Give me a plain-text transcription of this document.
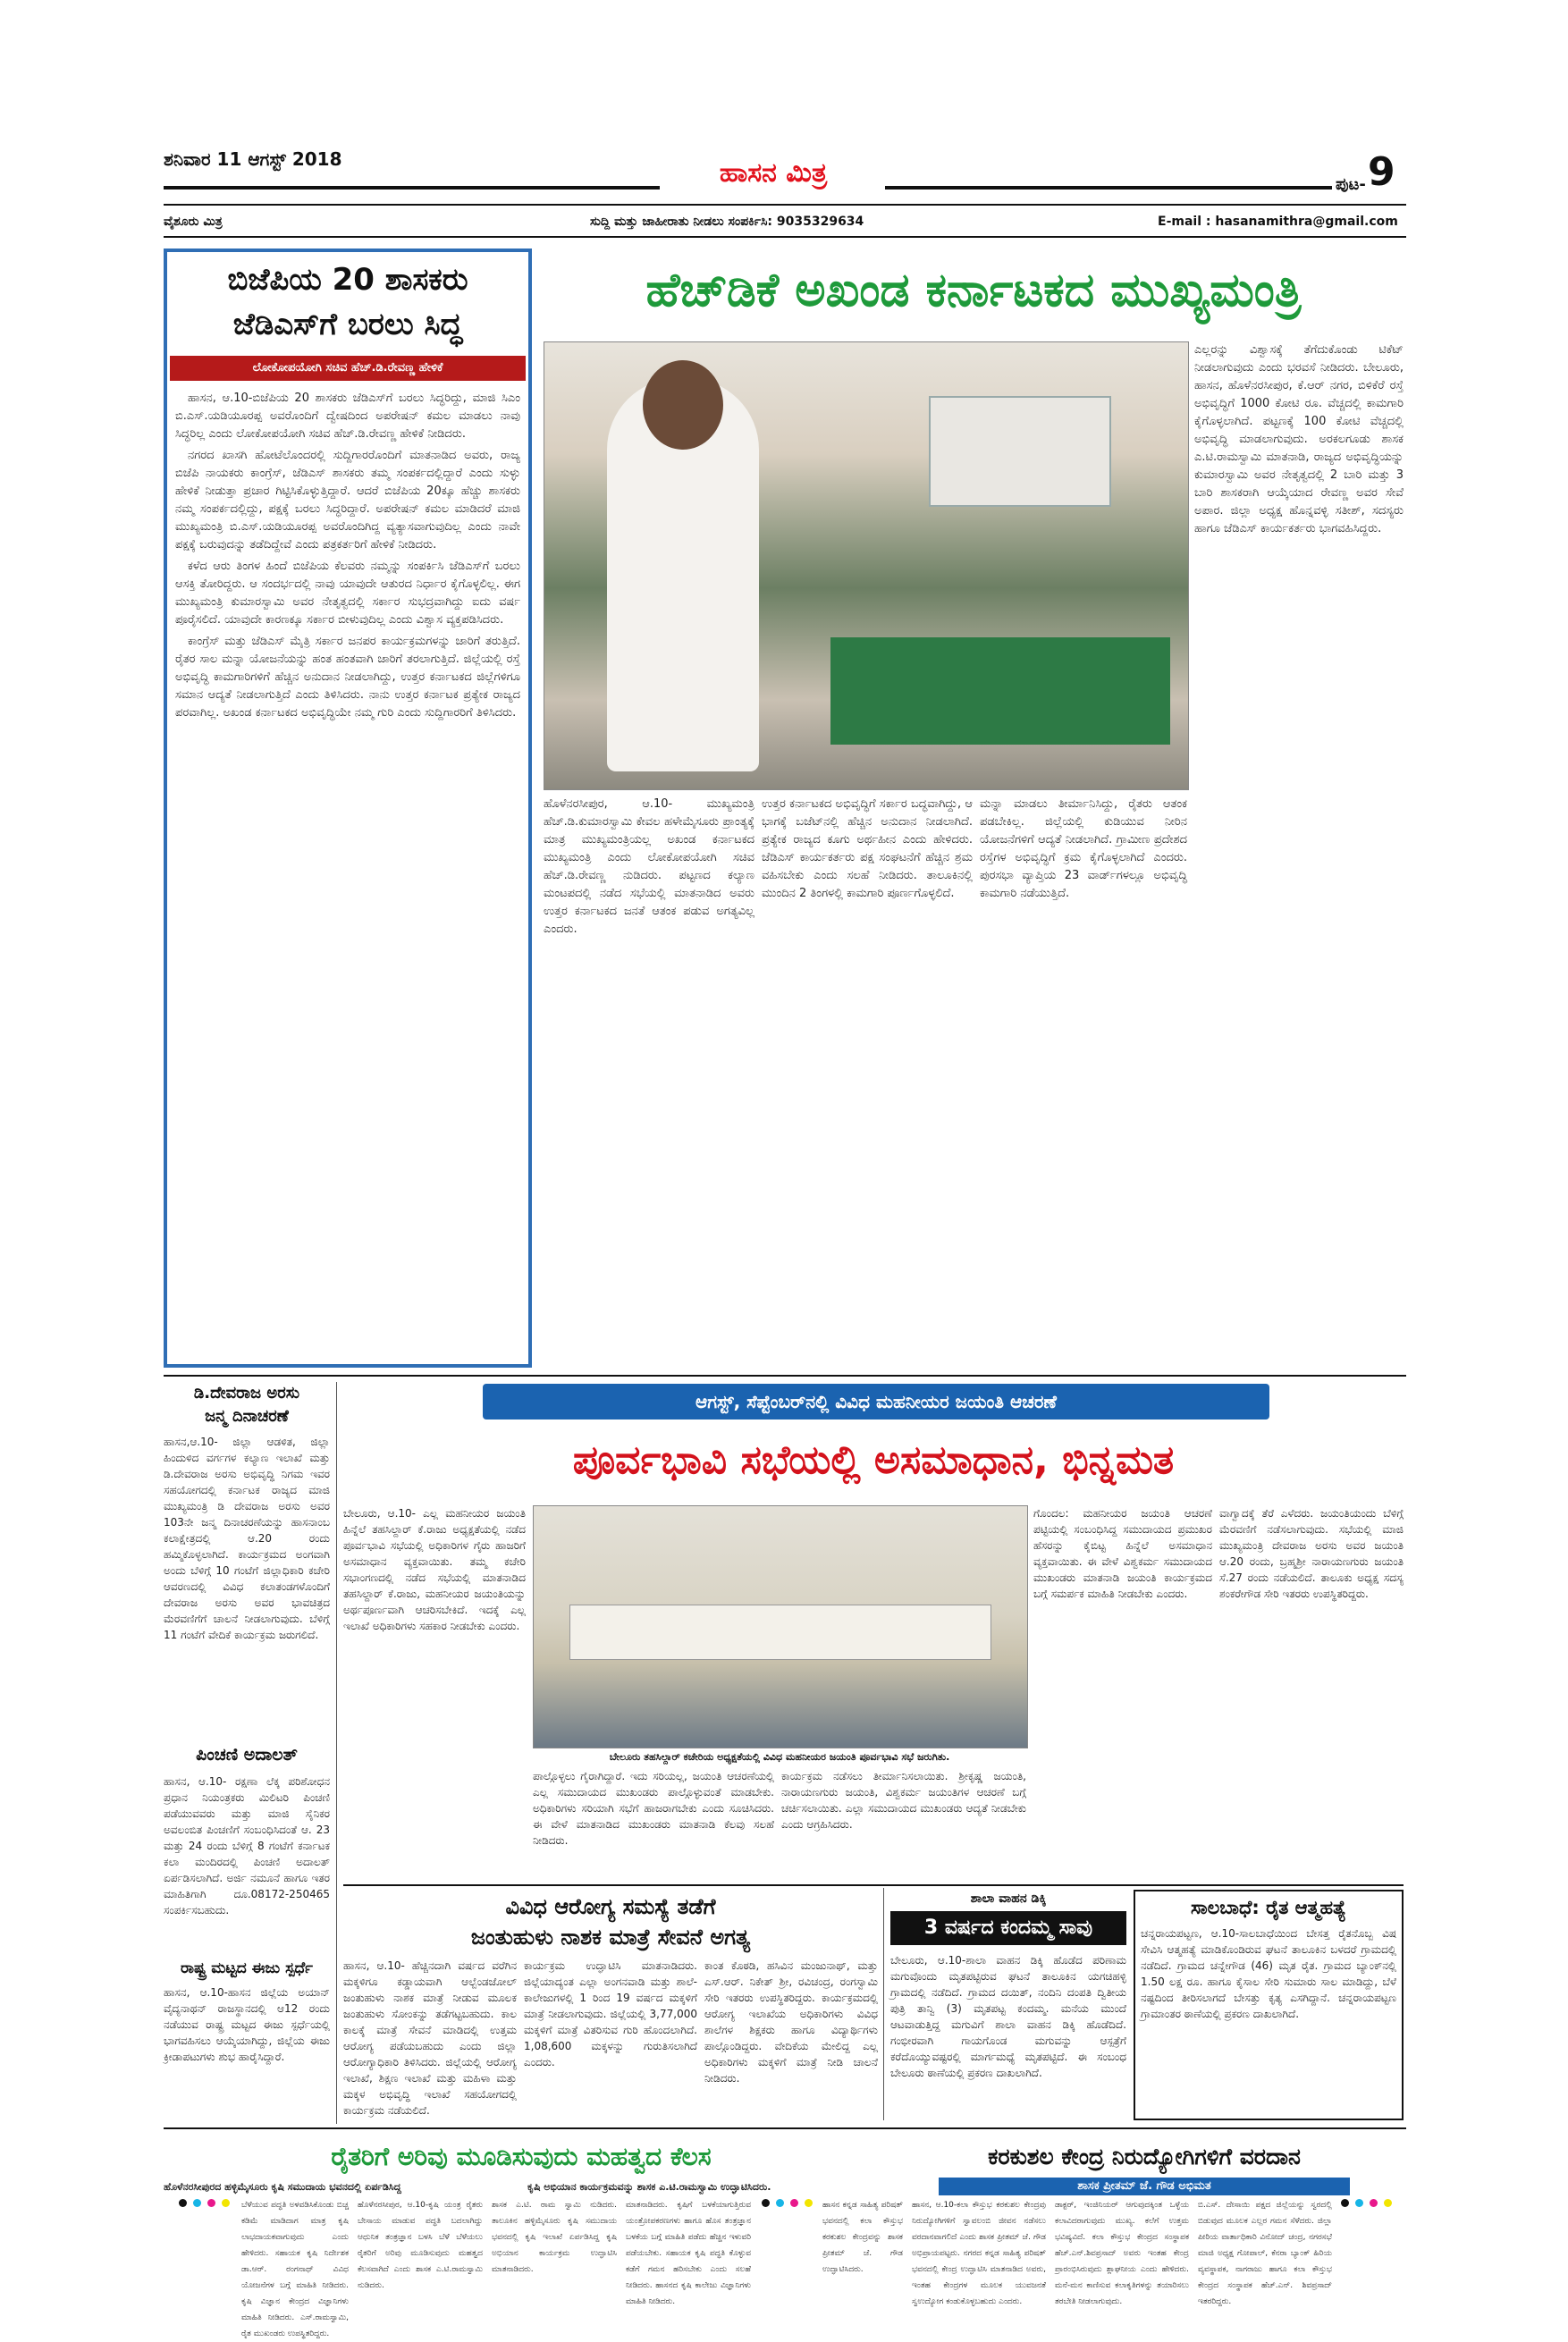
ಶನಿವಾರ 11 ಆಗಸ್ಟ್ 2018	ಹಾಸನ ಮಿತ್ರ	ಪುಟ- 9
ವೈಶೂರು ಮಿತ್ರ	ಸುದ್ದಿ ಮತ್ತು ಜಾಹೀರಾತು ನೀಡಲು ಸಂಪರ್ಕಿಸಿ: 9035329634	E-mail : hasanamithra@gmail.com
ಬಿಜೆಪಿಯ 20 ಶಾಸಕರು
ಜೆಡಿಎಸ್‌ಗೆ ಬರಲು ಸಿದ್ಧ
ಲೋಕೋಪಯೋಗಿ ಸಚಿವ ಹೆಚ್.ಡಿ.ರೇವಣ್ಣ ಹೇಳಿಕೆ

ಹಾಸನ, ಆ.10-ಬಿಜೆಪಿಯ 20 ಶಾಸಕರು ಜೆಡಿಎಸ್‌ಗೆ ಬರಲು ಸಿದ್ಧರಿದ್ದು, ಮಾಜಿ ಸಿಎಂ ಬಿ.ಎಸ್.ಯಡಿಯೂರಪ್ಪ ಅವರೊಂದಿಗೆ ದ್ವೇಷದಿಂದ ಅಪರೇಷನ್ ಕಮಲ ಮಾಡಲು ನಾವು ಸಿದ್ಧರಿಲ್ಲ ಎಂದು ಲೋಕೋಪಯೋಗಿ ಸಚಿವ ಹೆಚ್.ಡಿ.ರೇವಣ್ಣ ಹೇಳಿಕೆ ನೀಡಿದರು.

ನಗರದ ಖಾಸಗಿ ಹೋಟೆಲೊಂದರಲ್ಲಿ ಸುದ್ದಿಗಾರರೊಂದಿಗೆ ಮಾತನಾಡಿದ ಅವರು, ರಾಜ್ಯ ಬಿಜೆಪಿ ನಾಯಕರು ಕಾಂಗ್ರೆಸ್, ಜೆಡಿಎಸ್ ಶಾಸಕರು ತಮ್ಮ ಸಂಪರ್ಕದಲ್ಲಿದ್ದಾರೆ ಎಂದು ಸುಳ್ಳು ಹೇಳಿಕೆ ನೀಡುತ್ತಾ ಪ್ರಚಾರ ಗಿಟ್ಟಿಸಿಕೊಳ್ಳುತ್ತಿದ್ದಾರೆ. ಆದರೆ ಬಿಜೆಪಿಯ 20ಕ್ಕೂ ಹೆಚ್ಚು ಶಾಸಕರು ನಮ್ಮ ಸಂಪರ್ಕದಲ್ಲಿದ್ದು, ಪಕ್ಷಕ್ಕೆ ಬರಲು ಸಿದ್ಧರಿದ್ದಾರೆ. ಅಪರೇಷನ್ ಕಮಲ ಮಾಡಿದರೆ ಮಾಜಿ ಮುಖ್ಯಮಂತ್ರಿ ಬಿ.ಎಸ್.ಯಡಿಯೂರಪ್ಪ ಅವರೊಂದಿಗಿದ್ದ ವ್ಯತ್ಯಾಸವಾಗುವುದಿಲ್ಲ ಎಂದು ನಾವೇ ಪಕ್ಷಕ್ಕೆ ಬರುವುದನ್ನು ತಡೆದಿದ್ದೇವೆ ಎಂದು ಪತ್ರಕರ್ತರಿಗೆ ಹೇಳಿಕೆ ನೀಡಿದರು.

ಕಳೆದ ಆರು ತಿಂಗಳ ಹಿಂದೆ ಬಿಜೆಪಿಯ ಕೆಲವರು ನಮ್ಮನ್ನು ಸಂಪರ್ಕಿಸಿ ಜೆಡಿಎಸ್‌ಗೆ ಬರಲು ಆಸಕ್ತಿ ತೋರಿದ್ದರು. ಆ ಸಂದರ್ಭದಲ್ಲಿ ನಾವು ಯಾವುದೇ ಆತುರದ ನಿರ್ಧಾರ ಕೈಗೊಳ್ಳಲಿಲ್ಲ. ಈಗ ಮುಖ್ಯಮಂತ್ರಿ ಕುಮಾರಸ್ವಾಮಿ ಅವರ ನೇತೃತ್ವದಲ್ಲಿ ಸರ್ಕಾರ ಸುಭದ್ರವಾಗಿದ್ದು ಐದು ವರ್ಷ ಪೂರೈಸಲಿದೆ. ಯಾವುದೇ ಕಾರಣಕ್ಕೂ ಸರ್ಕಾರ ಬೀಳುವುದಿಲ್ಲ ಎಂದು ವಿಶ್ವಾಸ ವ್ಯಕ್ತಪಡಿಸಿದರು.

ಕಾಂಗ್ರೆಸ್ ಮತ್ತು ಜೆಡಿಎಸ್ ಮೈತ್ರಿ ಸರ್ಕಾರ ಜನಪರ ಕಾರ್ಯಕ್ರಮಗಳನ್ನು ಜಾರಿಗೆ ತರುತ್ತಿದೆ. ರೈತರ ಸಾಲ ಮನ್ನಾ ಯೋಜನೆಯನ್ನು ಹಂತ ಹಂತವಾಗಿ ಜಾರಿಗೆ ತರಲಾಗುತ್ತಿದೆ. ಜಿಲ್ಲೆಯಲ್ಲಿ ರಸ್ತೆ ಅಭಿವೃದ್ಧಿ ಕಾಮಗಾರಿಗಳಿಗೆ ಹೆಚ್ಚಿನ ಅನುದಾನ ನೀಡಲಾಗಿದ್ದು, ಉತ್ತರ ಕರ್ನಾಟಕದ ಜಿಲ್ಲೆಗಳಿಗೂ ಸಮಾನ ಆದ್ಯತೆ ನೀಡಲಾಗುತ್ತಿದೆ ಎಂದು ತಿಳಿಸಿದರು. ನಾನು ಉತ್ತರ ಕರ್ನಾಟಕ ಪ್ರತ್ಯೇಕ ರಾಜ್ಯದ ಪರವಾಗಿಲ್ಲ. ಅಖಂಡ ಕರ್ನಾಟಕದ ಅಭಿವೃದ್ಧಿಯೇ ನಮ್ಮ ಗುರಿ ಎಂದು ಸುದ್ದಿಗಾರರಿಗೆ ತಿಳಿಸಿದರು.

ಹೆಚ್‌ಡಿಕೆ ಅಖಂಡ ಕರ್ನಾಟಕದ ಮುಖ್ಯಮಂತ್ರಿ
ಹೊಳೆನರಸೀಪುರ, ಆ.10- ಮುಖ್ಯಮಂತ್ರಿ ಹೆಚ್.ಡಿ.ಕುಮಾರಸ್ವಾಮಿ ಕೇವಲ ಹಳೇಮೈಸೂರು ಪ್ರಾಂತ್ಯಕ್ಕೆ ಮಾತ್ರ ಮುಖ್ಯಮಂತ್ರಿಯಲ್ಲ ಅಖಂಡ ಕರ್ನಾಟಕದ ಮುಖ್ಯಮಂತ್ರಿ ಎಂದು ಲೋಕೋಪಯೋಗಿ ಸಚಿವ ಹೆಚ್.ಡಿ.ರೇವಣ್ಣ ನುಡಿದರು. ಪಟ್ಟಣದ ಕಲ್ಯಾಣ ಮಂಟಪದಲ್ಲಿ ನಡೆದ ಸಭೆಯಲ್ಲಿ ಮಾತನಾಡಿದ ಅವರು ಉತ್ತರ ಕರ್ನಾಟಕದ ಜನತೆ ಆತಂಕ ಪಡುವ ಅಗತ್ಯವಿಲ್ಲ ಎಂದರು.
ಉತ್ತರ ಕರ್ನಾಟಕದ ಅಭಿವೃದ್ಧಿಗೆ ಸರ್ಕಾರ ಬದ್ಧವಾಗಿದ್ದು, ಆ ಭಾಗಕ್ಕೆ ಬಜೆಟ್‌ನಲ್ಲಿ ಹೆಚ್ಚಿನ ಅನುದಾನ ನೀಡಲಾಗಿದೆ. ಪ್ರತ್ಯೇಕ ರಾಜ್ಯದ ಕೂಗು ಅರ್ಥಹೀನ ಎಂದು ಹೇಳಿದರು. ಜೆಡಿಎಸ್ ಕಾರ್ಯಕರ್ತರು ಪಕ್ಷ ಸಂಘಟನೆಗೆ ಹೆಚ್ಚಿನ ಶ್ರಮ ವಹಿಸಬೇಕು ಎಂದು ಸಲಹೆ ನೀಡಿದರು. ತಾಲೂಕಿನಲ್ಲಿ ಮುಂದಿನ 2 ತಿಂಗಳಲ್ಲಿ ಕಾಮಗಾರಿ ಪೂರ್ಣಗೊಳ್ಳಲಿದೆ.
ಮನ್ನಾ ಮಾಡಲು ತೀರ್ಮಾನಿಸಿದ್ದು, ರೈತರು ಆತಂಕ ಪಡಬೇಕಿಲ್ಲ. ಜಿಲ್ಲೆಯಲ್ಲಿ ಕುಡಿಯುವ ನೀರಿನ ಯೋಜನೆಗಳಿಗೆ ಆದ್ಯತೆ ನೀಡಲಾಗಿದೆ. ಗ್ರಾಮೀಣ ಪ್ರದೇಶದ ರಸ್ತೆಗಳ ಅಭಿವೃದ್ಧಿಗೆ ಕ್ರಮ ಕೈಗೊಳ್ಳಲಾಗಿದೆ ಎಂದರು. ಪುರಸಭಾ ವ್ಯಾಪ್ತಿಯ 23 ವಾರ್ಡ್‌ಗಳಲ್ಲೂ ಅಭಿವೃದ್ಧಿ ಕಾಮಗಾರಿ ನಡೆಯುತ್ತಿದೆ.
ಎಲ್ಲರನ್ನು ವಿಶ್ವಾಸಕ್ಕೆ ತೆಗೆದುಕೊಂಡು ಟಿಕೆಟ್ ನೀಡಲಾಗುವುದು ಎಂದು ಭರವಸೆ ನೀಡಿದರು. ಬೇಲೂರು, ಹಾಸನ, ಹೊಳೆನರಸೀಪುರ, ಕೆ.ಆರ್ ನಗರ, ಬಿಳಿಕೆರೆ ರಸ್ತೆ ಅಭಿವೃದ್ಧಿಗೆ 1000 ಕೋಟಿ ರೂ. ವೆಚ್ಚದಲ್ಲಿ ಕಾಮಗಾರಿ ಕೈಗೊಳ್ಳಲಾಗಿದೆ. ಪಟ್ಟಣಕ್ಕೆ 100 ಕೋಟಿ ವೆಚ್ಚದಲ್ಲಿ ಅಭಿವೃದ್ಧಿ ಮಾಡಲಾಗುವುದು. ಅರಕಲಗೂಡು ಶಾಸಕ ಎ.ಟಿ.ರಾಮಸ್ವಾಮಿ ಮಾತನಾಡಿ, ರಾಜ್ಯದ ಅಭಿವೃದ್ಧಿಯನ್ನು ಕುಮಾರಸ್ವಾಮಿ ಅವರ ನೇತೃತ್ವದಲ್ಲಿ 2 ಬಾರಿ ಮತ್ತು 3 ಬಾರಿ ಶಾಸಕರಾಗಿ ಆಯ್ಕೆಯಾದ ರೇವಣ್ಣ ಅವರ ಸೇವೆ ಅಪಾರ. ಜಿಲ್ಲಾ ಅಧ್ಯಕ್ಷ ಹೊನ್ನವಳ್ಳಿ ಸತೀಶ್, ಸದಸ್ಯರು ಹಾಗೂ ಜೆಡಿಎಸ್ ಕಾರ್ಯಕರ್ತರು ಭಾಗವಹಿಸಿದ್ದರು.
ಡಿ.ದೇವರಾಜ ಅರಸು
ಜನ್ಮ ದಿನಾಚರಣೆ
ಹಾಸನ,ಆ.10- ಜಿಲ್ಲಾ ಆಡಳಿತ, ಜಿಲ್ಲಾ ಹಿಂದುಳಿದ ವರ್ಗಗಳ ಕಲ್ಯಾಣ ಇಲಾಖೆ ಮತ್ತು ಡಿ.ದೇವರಾಜ ಅರಸು ಅಭಿವೃದ್ಧಿ ನಿಗಮ ಇವರ ಸಹಯೋಗದಲ್ಲಿ ಕರ್ನಾಟಕ ರಾಜ್ಯದ ಮಾಜಿ ಮುಖ್ಯಮಂತ್ರಿ ಡಿ ದೇವರಾಜ ಅರಸು ಅವರ 103ನೇ ಜನ್ಮ ದಿನಾಚರಣೆಯನ್ನು ಹಾಸನಾಂಬ ಕಲಾಕ್ಷೇತ್ರದಲ್ಲಿ ಆ.20 ರಂದು ಹಮ್ಮಿಕೊಳ್ಳಲಾಗಿದೆ. ಕಾರ್ಯಕ್ರಮದ ಅಂಗವಾಗಿ ಅಂದು ಬೆಳಿಗ್ಗೆ 10 ಗಂಟೆಗೆ ಜಿಲ್ಲಾಧಿಕಾರಿ ಕಚೇರಿ ಆವರಣದಲ್ಲಿ ವಿವಿಧ ಕಲಾತಂಡಗಳೊಂದಿಗೆ ದೇವರಾಜ ಅರಸು ಅವರ ಭಾವಚಿತ್ರದ ಮೆರವಣಿಗೆಗೆ ಚಾಲನೆ ನೀಡಲಾಗುವುದು. ಬೆಳಿಗ್ಗೆ 11 ಗಂಟೆಗೆ ವೇದಿಕೆ ಕಾರ್ಯಕ್ರಮ ಜರುಗಲಿದೆ.
ಪಿಂಚಣಿ ಅದಾಲತ್
ಹಾಸನ, ಆ.10- ರಕ್ಷಣಾ ಲೆಕ್ಕ ಪರಿಶೋಧನ ಪ್ರಧಾನ ನಿಯಂತ್ರಕರು ಮಿಲಿಟರಿ ಪಿಂಚಣಿ ಪಡೆಯುವವರು ಮತ್ತು ಮಾಜಿ ಸೈನಿಕರ ಅವಲಂಬಿತ ಪಿಂಚಣಿಗೆ ಸಂಬಂಧಿಸಿದಂತೆ ಆ. 23 ಮತ್ತು 24 ರಂದು ಬೆಳಿಗ್ಗೆ 8 ಗಂಟೆಗೆ ಕರ್ನಾಟಕ ಕಲಾ ಮಂದಿರದಲ್ಲಿ ಪಿಂಚಣಿ ಅದಾಲತ್ ಏರ್ಪಡಿಸಲಾಗಿದೆ. ಅರ್ಜಿ ನಮೂನೆ ಹಾಗೂ ಇತರ ಮಾಹಿತಿಗಾಗಿ ದೂ.08172-250465 ಸಂಪರ್ಕಿಸಬಹುದು.
ರಾಷ್ಟ್ರ ಮಟ್ಟದ ಈಜು ಸ್ಪರ್ಧೆ
ಹಾಸನ, ಆ.10-ಹಾಸನ ಜಿಲ್ಲೆಯ ಅಯಾನ್ ವೈದ್ಯನಾಥನ್ ರಾಜಸ್ಥಾನದಲ್ಲಿ ಆ12 ರಂದು ನಡೆಯುವ ರಾಷ್ಟ್ರ ಮಟ್ಟದ ಈಜು ಸ್ಪರ್ಧೆಯಲ್ಲಿ ಭಾಗವಹಿಸಲು ಆಯ್ಕೆಯಾಗಿದ್ದು, ಜಿಲ್ಲೆಯ ಈಜು ಕ್ರೀಡಾಪಟುಗಳು ಶುಭ ಹಾರೈಸಿದ್ದಾರೆ.
ಆಗಸ್ಟ್, ಸೆಪ್ಟೆಂಬರ್‌ನಲ್ಲಿ ವಿವಿಧ ಮಹನೀಯರ ಜಯಂತಿ ಆಚರಣೆ
ಪೂರ್ವಭಾವಿ ಸಭೆಯಲ್ಲಿ ಅಸಮಾಧಾನ, ಭಿನ್ನಮತ
ಬೇಲೂರು ತಹಸಿಲ್ದಾರ್ ಕಚೇರಿಯ ಅಧ್ಯಕ್ಷತೆಯಲ್ಲಿ ವಿವಿಧ ಮಹನೀಯರ ಜಯಂತಿ ಪೂರ್ವಭಾವಿ ಸಭೆ ಜರುಗಿತು.
ಬೇಲೂರು, ಆ.10- ಎಲ್ಲ ಮಹನೀಯರ ಜಯಂತಿ ಹಿನ್ನೆಲೆ ತಹಸಿಲ್ದಾರ್ ಕೆ.ರಾಜು ಅಧ್ಯಕ್ಷತೆಯಲ್ಲಿ ನಡೆದ ಪೂರ್ವಭಾವಿ ಸಭೆಯಲ್ಲಿ ಅಧಿಕಾರಿಗಳ ಗೈರು ಹಾಜರಿಗೆ ಅಸಮಾಧಾನ ವ್ಯಕ್ತವಾಯಿತು. ತಮ್ಮ ಕಚೇರಿ ಸಭಾಂಗಣದಲ್ಲಿ ನಡೆದ ಸಭೆಯಲ್ಲಿ ಮಾತನಾಡಿದ ತಹಸಿಲ್ದಾರ್ ಕೆ.ರಾಜು, ಮಹನೀಯರ ಜಯಂತಿಯನ್ನು ಅರ್ಥಪೂರ್ಣವಾಗಿ ಆಚರಿಸಬೇಕಿದೆ. ಇದಕ್ಕೆ ಎಲ್ಲ ಇಲಾಖೆ ಅಧಿಕಾರಿಗಳು ಸಹಕಾರ ನೀಡಬೇಕು ಎಂದರು.
ಪಾಲ್ಗೊಳ್ಳಲು ಗೈರಾಗಿದ್ದಾರೆ. ಇದು ಸರಿಯಲ್ಲ, ಜಯಂತಿ ಆಚರಣೆಯಲ್ಲಿ ಎಲ್ಲ ಸಮುದಾಯದ ಮುಖಂಡರು ಪಾಲ್ಗೊಳ್ಳುವಂತೆ ಮಾಡಬೇಕು. ಅಧಿಕಾರಿಗಳು ಸರಿಯಾಗಿ ಸಭೆಗೆ ಹಾಜರಾಗಬೇಕು ಎಂದು ಸೂಚಿಸಿದರು. ಈ ವೇಳೆ ಮಾತನಾಡಿದ ಮುಖಂಡರು ಮಾತನಾಡಿ ಕೆಲವು ಸಲಹೆ ನೀಡಿದರು.
ಕಾರ್ಯಕ್ರಮ ನಡೆಸಲು ತೀರ್ಮಾನಿಸಲಾಯಿತು. ಶ್ರೀಕೃಷ್ಣ ಜಯಂತಿ, ನಾರಾಯಣಗುರು ಜಯಂತಿ, ವಿಶ್ವಕರ್ಮ ಜಯಂತಿಗಳ ಆಚರಣೆ ಬಗ್ಗೆ ಚರ್ಚಿಸಲಾಯಿತು. ಎಲ್ಲಾ ಸಮುದಾಯದ ಮುಖಂಡರು ಆದ್ಯತೆ ನೀಡಬೇಕು ಎಂದು ಆಗ್ರಹಿಸಿದರು.
ಗೊಂದಲ: ಮಹನೀಯರ ಜಯಂತಿ ಆಚರಣೆ ಪಟ್ಟಿಯಲ್ಲಿ ಸಂಬಂಧಿಸಿದ್ದ ಸಮುದಾಯದ ಪ್ರಮುಖರ ಹೆಸರನ್ನು ಕೈಬಿಟ್ಟ ಹಿನ್ನೆಲೆ ಅಸಮಾಧಾನ ವ್ಯಕ್ತವಾಯಿತು. ಈ ವೇಳೆ ವಿಶ್ವಕರ್ಮ ಸಮುದಾಯದ ಮುಖಂಡರು ಮಾತನಾಡಿ ಜಯಂತಿ ಕಾರ್ಯಕ್ರಮದ ಬಗ್ಗೆ ಸಮರ್ಪಕ ಮಾಹಿತಿ ನೀಡಬೇಕು ಎಂದರು.
ವಾಗ್ವಾದಕ್ಕೆ ತೆರೆ ಎಳೆದರು. ಜಯಂತಿಯಂದು ಬೆಳಿಗ್ಗೆ ಮೆರವಣಿಗೆ ನಡೆಸಲಾಗುವುದು. ಸಭೆಯಲ್ಲಿ ಮಾಜಿ ಮುಖ್ಯಮಂತ್ರಿ ದೇವರಾಜ ಅರಸು ಅವರ ಜಯಂತಿ ಆ.20 ರಂದು, ಬ್ರಹ್ಮಶ್ರೀ ನಾರಾಯಣಗುರು ಜಯಂತಿ ಸೆ.27 ರಂದು ನಡೆಯಲಿದೆ. ತಾಲೂಕು ಅಧ್ಯಕ್ಷ ಸದಸ್ಯ ಶಂಕರೇಗೌಡ ಸೇರಿ ಇತರರು ಉಪಸ್ಥಿತರಿದ್ದರು.
ವಿವಿಧ ಆರೋಗ್ಯ ಸಮಸ್ಯೆ ತಡೆಗೆ
ಜಂತುಹುಳು ನಾಶಕ ಮಾತ್ರೆ ಸೇವನೆ ಅಗತ್ಯ
ಹಾಸನ, ಆ.10- ಹೆಚ್ಚಿನದಾಗಿ ವರ್ಷದ ವರೆಗಿನ ಮಕ್ಕಳಿಗೂ ಕಡ್ಡಾಯವಾಗಿ ಆಲ್ಬೆಂಡಜೋಲ್ ಜಂತುಹುಳು ನಾಶಕ ಮಾತ್ರೆ ನೀಡುವ ಮೂಲಕ ಜಂತುಹುಳು ಸೋಂಕನ್ನು ತಡೆಗಟ್ಟಬಹುದು. ಕಾಲ ಕಾಲಕ್ಕೆ ಮಾತ್ರೆ ಸೇವನೆ ಮಾಡಿದಲ್ಲಿ ಉತ್ತಮ ಆರೋಗ್ಯ ಪಡೆಯಬಹುದು ಎಂದು ಜಿಲ್ಲಾ ಆರೋಗ್ಯಾಧಿಕಾರಿ ತಿಳಿಸಿದರು. ಜಿಲ್ಲೆಯಲ್ಲಿ ಆರೋಗ್ಯ ಇಲಾಖೆ, ಶಿಕ್ಷಣ ಇಲಾಖೆ ಮತ್ತು ಮಹಿಳಾ ಮತ್ತು ಮಕ್ಕಳ ಅಭಿವೃದ್ಧಿ ಇಲಾಖೆ ಸಹಯೋಗದಲ್ಲಿ ಕಾರ್ಯಕ್ರಮ ನಡೆಯಲಿದೆ.
ಕಾರ್ಯಕ್ರಮ ಉದ್ಘಾಟಿಸಿ ಮಾತನಾಡಿದರು. ಜಿಲ್ಲೆಯಾದ್ಯಂತ ಎಲ್ಲಾ ಅಂಗನವಾಡಿ ಮತ್ತು ಶಾಲೆ-ಕಾಲೇಜುಗಳಲ್ಲಿ 1 ರಿಂದ 19 ವರ್ಷದ ಮಕ್ಕಳಿಗೆ ಮಾತ್ರೆ ನೀಡಲಾಗುವುದು. ಜಿಲ್ಲೆಯಲ್ಲಿ 3,77,000 ಮಕ್ಕಳಿಗೆ ಮಾತ್ರೆ ವಿತರಿಸುವ ಗುರಿ ಹೊಂದಲಾಗಿದೆ. 1,08,600 ಮಕ್ಕಳನ್ನು ಗುರುತಿಸಲಾಗಿದೆ ಎಂದರು.
ಕಾಂತ ಕೊಠಡಿ, ಹಸಿವಿನ ಮಂಜುನಾಥ್, ಮತ್ತು ಎಸ್.ಆರ್. ನಿಕೇತ್ ಶ್ರೀ, ರವಿಚಂದ್ರ, ರಂಗಸ್ವಾಮಿ ಸೇರಿ ಇತರರು ಉಪಸ್ಥಿತರಿದ್ದರು. ಕಾರ್ಯಕ್ರಮದಲ್ಲಿ ಆರೋಗ್ಯ ಇಲಾಖೆಯ ಅಧಿಕಾರಿಗಳು ವಿವಿಧ ಶಾಲೆಗಳ ಶಿಕ್ಷಕರು ಹಾಗೂ ವಿದ್ಯಾರ್ಥಿಗಳು ಪಾಲ್ಗೊಂಡಿದ್ದರು. ವೇದಿಕೆಯ ಮೇಲಿದ್ದ ಎಲ್ಲ ಅಧಿಕಾರಿಗಳು ಮಕ್ಕಳಿಗೆ ಮಾತ್ರೆ ನೀಡಿ ಚಾಲನೆ ನೀಡಿದರು.
ಶಾಲಾ ವಾಹನ ಡಿಕ್ಕಿ
3 ವರ್ಷದ ಕಂದಮ್ಮ ಸಾವು
ಬೇಲೂರು, ಆ.10-ಶಾಲಾ ವಾಹನ ಡಿಕ್ಕಿ ಹೊಡೆದ ಪರಿಣಾಮ ಮಗುವೊಂದು ಮೃತಪಟ್ಟಿರುವ ಘಟನೆ ತಾಲೂಕಿನ ಯಗಚಿಹಳ್ಳಿ ಗ್ರಾಮದಲ್ಲಿ ನಡೆದಿದೆ. ಗ್ರಾಮದ ದಯಿತ್, ನಂದಿನಿ ದಂಪತಿ ದ್ವಿತೀಯ ಪುತ್ರಿ ತಾನ್ವಿ (3) ಮೃತಪಟ್ಟ ಕಂದಮ್ಮ. ಮನೆಯ ಮುಂದೆ ಆಟವಾಡುತ್ತಿದ್ದ ಮಗುವಿಗೆ ಶಾಲಾ ವಾಹನ ಡಿಕ್ಕಿ ಹೊಡೆದಿದೆ. ಗಂಭೀರವಾಗಿ ಗಾಯಗೊಂಡ ಮಗುವನ್ನು ಆಸ್ಪತ್ರೆಗೆ ಕರೆದೊಯ್ಯುವಷ್ಟರಲ್ಲಿ ಮಾರ್ಗಮಧ್ಯೆ ಮೃತಪಟ್ಟಿದೆ. ಈ ಸಂಬಂಧ ಬೇಲೂರು ಠಾಣೆಯಲ್ಲಿ ಪ್ರಕರಣ ದಾಖಲಾಗಿದೆ.
ಸಾಲಬಾಧೆ: ರೈತ ಆತ್ಮಹತ್ಯೆ
ಚನ್ನರಾಯಪಟ್ಟಣ, ಆ.10-ಸಾಲಬಾಧೆಯಿಂದ ಬೇಸತ್ತ ರೈತನೊಬ್ಬ ವಿಷ ಸೇವಿಸಿ ಆತ್ಮಹತ್ಯೆ ಮಾಡಿಕೊಂಡಿರುವ ಘಟನೆ ತಾಲೂಕಿನ ಬಳದರೆ ಗ್ರಾಮದಲ್ಲಿ ನಡೆದಿದೆ. ಗ್ರಾಮದ ಚನ್ನೇಗೌಡ (46) ಮೃತ ರೈತ. ಗ್ರಾಮದ ಬ್ಯಾಂಕ್‌ನಲ್ಲಿ 1.50 ಲಕ್ಷ ರೂ. ಹಾಗೂ ಕೈಸಾಲ ಸೇರಿ ಸುಮಾರು ಸಾಲ ಮಾಡಿದ್ದು, ಬೆಳೆ ನಷ್ಟದಿಂದ ತೀರಿಸಲಾಗದೆ ಬೇಸತ್ತು ಕೃತ್ಯ ಎಸಗಿದ್ದಾನೆ. ಚನ್ನರಾಯಪಟ್ಟಣ ಗ್ರಾಮಾಂತರ ಠಾಣೆಯಲ್ಲಿ ಪ್ರಕರಣ ದಾಖಲಾಗಿದೆ.
ರೈತರಿಗೆ ಅರಿವು ಮೂಡಿಸುವುದು ಮಹತ್ವದ ಕೆಲಸ	ಕರಕುಶಲ ಕೇಂದ್ರ ನಿರುದ್ಯೋಗಿಗಳಿಗೆ ವರದಾನ
ಹೊಳೆನರಸೀಪುರದ ಹಳ್ಳಿಮೈಸೂರು ಕೃಷಿ ಸಮುದಾಯ ಭವನದಲ್ಲಿ ಏರ್ಪಡಿಸಿದ್ದ	ಕೃಷಿ ಅಭಿಯಾನ ಕಾರ್ಯಕ್ರಮವನ್ನು ಶಾಸಕ ಎ.ಟಿ.ರಾಮಸ್ವಾಮಿ ಉದ್ಘಾಟಿಸಿದರು.	ಶಾಸಕ ಪ್ರೀತಮ್ ಜೆ. ಗೌಡ ಅಭಿಮತ
ಬೆಳೆಯುವ ಪದ್ಧತಿ ಅಳವಡಿಸಿಕೊಂಡು ಬಿಚ್ಚ ಕಡಿಮೆ ಮಾಡಿದಾಗ ಮಾತ್ರ ಕೃಷಿ ಲಾಭದಾಯಕವಾಗುವುದು ಎಂದು ಹೇಳಿದರು. ಸಹಾಯಕ ಕೃಷಿ ನಿರ್ದೇಶಕ ಡಾ.ಆರ್. ರಂಗನಾಥ್ ವಿವಿಧ ಯೋಜನೆಗಳ ಬಗ್ಗೆ ಮಾಹಿತಿ ನೀಡಿದರು. ಕೃಷಿ ವಿಜ್ಞಾನ ಕೇಂದ್ರದ ವಿಜ್ಞಾನಿಗಳು ಮಾಹಿತಿ ನೀಡಿದರು. ಎಸ್.ರಾಮಸ್ವಾಮಿ, ರೈತ ಮುಖಂಡರು ಉಪಸ್ಥಿತರಿದ್ದರು.
ಹೊಳೆನರಸೀಪುರ, ಆ.10-ಕೃಷಿ ಯಂತ್ರ ರೈತರು ಬೇಸಾಯ ಮಾಡುವ ಪದ್ಧತಿ ಬದಲಾಗಿದ್ದು ಆಧುನಿಕ ತಂತ್ರಜ್ಞಾನ ಬಳಸಿ ಬೆಳೆ ಬೆಳೆಯಲು ರೈತರಿಗೆ ಅರಿವು ಮೂಡಿಸುವುದು ಮಹತ್ವದ ಕೆಲಸವಾಗಿದೆ ಎಂದು ಶಾಸಕ ಎ.ಟಿ.ರಾಮಸ್ವಾಮಿ ನುಡಿದರು.
ಶಾಸಕ ಎ.ಟಿ. ರಾಮ ಸ್ವಾಮಿ ನುಡಿದರು. ತಾಲೂಕಿನ ಹಳ್ಳಿಮೈಸೂರು ಕೃಷಿ ಸಮುದಾಯ ಭವನದಲ್ಲಿ ಕೃಷಿ ಇಲಾಖೆ ಏರ್ಪಡಿಸಿದ್ದ ಕೃಷಿ ಅಭಿಯಾನ ಕಾರ್ಯಕ್ರಮ ಉದ್ಘಾಟಿಸಿ ಮಾತನಾಡಿದರು.
ಮಾತನಾಡಿದರು. ಕೃಷಿಗೆ ಬಳಕೆಯಾಗುತ್ತಿರುವ ಯಂತ್ರೋಪಕರಣಗಳು ಹಾಗೂ ಹೊಸ ತಂತ್ರಜ್ಞಾನ ಬಳಕೆಯ ಬಗ್ಗೆ ಮಾಹಿತಿ ಪಡೆದು ಹೆಚ್ಚಿನ ಇಳುವರಿ ಪಡೆಯಬೇಕು. ಸಹಾಯಕ ಕೃಷಿ ಪದ್ಧತಿ ಕೊಳ್ಳುವ ಕಡೆಗೆ ಗಮನ ಹರಿಸಬೇಕು ಎಂದು ಸಲಹೆ ನೀಡಿದರು. ಹಾಸನದ ಕೃಷಿ ಕಾಲೇಜು ವಿಜ್ಞಾನಿಗಳು ಮಾಹಿತಿ ನೀಡಿದರು.
ಹಾಸನ ಕನ್ನಡ ಸಾಹಿತ್ಯ ಪರಿಷತ್ ಭವನದಲ್ಲಿ ಕಲಾ ಕೌಸ್ತುಭ ಕರಕುಶಲ ಕೇಂದ್ರವನ್ನು ಶಾಸಕ ಪ್ರೀತಮ್ ಜೆ. ಗೌಡ ಉದ್ಘಾಟಿಸಿದರು.
ಹಾಸನ, ಆ.10-ಕಲಾ ಕೌಸ್ತುಭ ಕರಕುಶಲ ಕೇಂದ್ರವು ನಿರುದ್ಯೋಗಿಗಳಿಗೆ ಸ್ವಾವಲಂಬಿ ಜೀವನ ನಡೆಸಲು ವರದಾನವಾಗಲಿದೆ ಎಂದು ಶಾಸಕ ಪ್ರೀತಮ್ ಜೆ. ಗೌಡ ಅಭಿಪ್ರಾಯಪಟ್ಟರು. ನಗರದ ಕನ್ನಡ ಸಾಹಿತ್ಯ ಪರಿಷತ್ ಭವನದಲ್ಲಿ ಕೇಂದ್ರ ಉದ್ಘಾಟಿಸಿ ಮಾತನಾಡಿದ ಅವರು, ಇಂತಹ ಕೇಂದ್ರಗಳ ಮೂಲಕ ಯುವಜನತೆ ಸ್ವಉದ್ಯೋಗ ಕಂಡುಕೊಳ್ಳಬಹುದು ಎಂದರು.
ಡಾಕ್ಟರ್, ಇಂಜಿನಿಯರ್ ಆಗುವುದಕ್ಕಿಂತ ಒಳ್ಳೆಯ ಕಲಾವಿದರಾಗುವುದು ಮುಖ್ಯ. ಕಲೆಗೆ ಉತ್ತಮ ಭವಿಷ್ಯವಿದೆ. ಕಲಾ ಕೌಸ್ತುಭ ಕೇಂದ್ರದ ಸಂಸ್ಥಾಪಕ ಹೆಚ್.ಎನ್.ಶಿವಪ್ರಸಾದ್ ಅವರು ಇಂತಹ ಕೇಂದ್ರ ಪ್ರಾರಂಭಿಸಿರುವುದು ಶ್ಲಾಘನೀಯ ಎಂದು ಹೇಳಿದರು. ಮನೆ-ಮನ ಕಾಣಿಸುವ ಕಲಾಕೃತಿಗಳನ್ನು ತಯಾರಿಸಲು ತರಬೇತಿ ನೀಡಲಾಗುವುದು.
ಬಿ.ಎಸ್. ದೇಸಾಯಿ ಪಕ್ಷದ ಜಿಲ್ಲೆಯನ್ನು ಸ್ವರದಲ್ಲಿ ಬಿಡುವುದ ಮೂಲಕ ಎಲ್ಲರ ಗಮನ ಸೆಳೆದರು. ಜಿಲ್ಲಾ ಪೀಠಿಯ ವಾರ್ತಾಧಿಕಾರಿ ವಿನೋದ್ ಚಂದ್ರ, ನಗರಸಭೆ ಮಾಜಿ ಅಧ್ಯಕ್ಷ ಗೋಪಾಲ್, ಕೆನರಾ ಬ್ಯಾಂಕ್ ಹಿರಿಯ ವ್ಯವಸ್ಥಾಪಕ, ನಾಗರಾಜು ಹಾಗೂ ಕಲಾ ಕೌಸ್ತುಭ ಕೇಂದ್ರದ ಸಂಸ್ಥಾಪಕ ಹೆಚ್.ಎನ್. ಶಿವಪ್ರಸಾದ್ ಇತರರಿದ್ದರು.
